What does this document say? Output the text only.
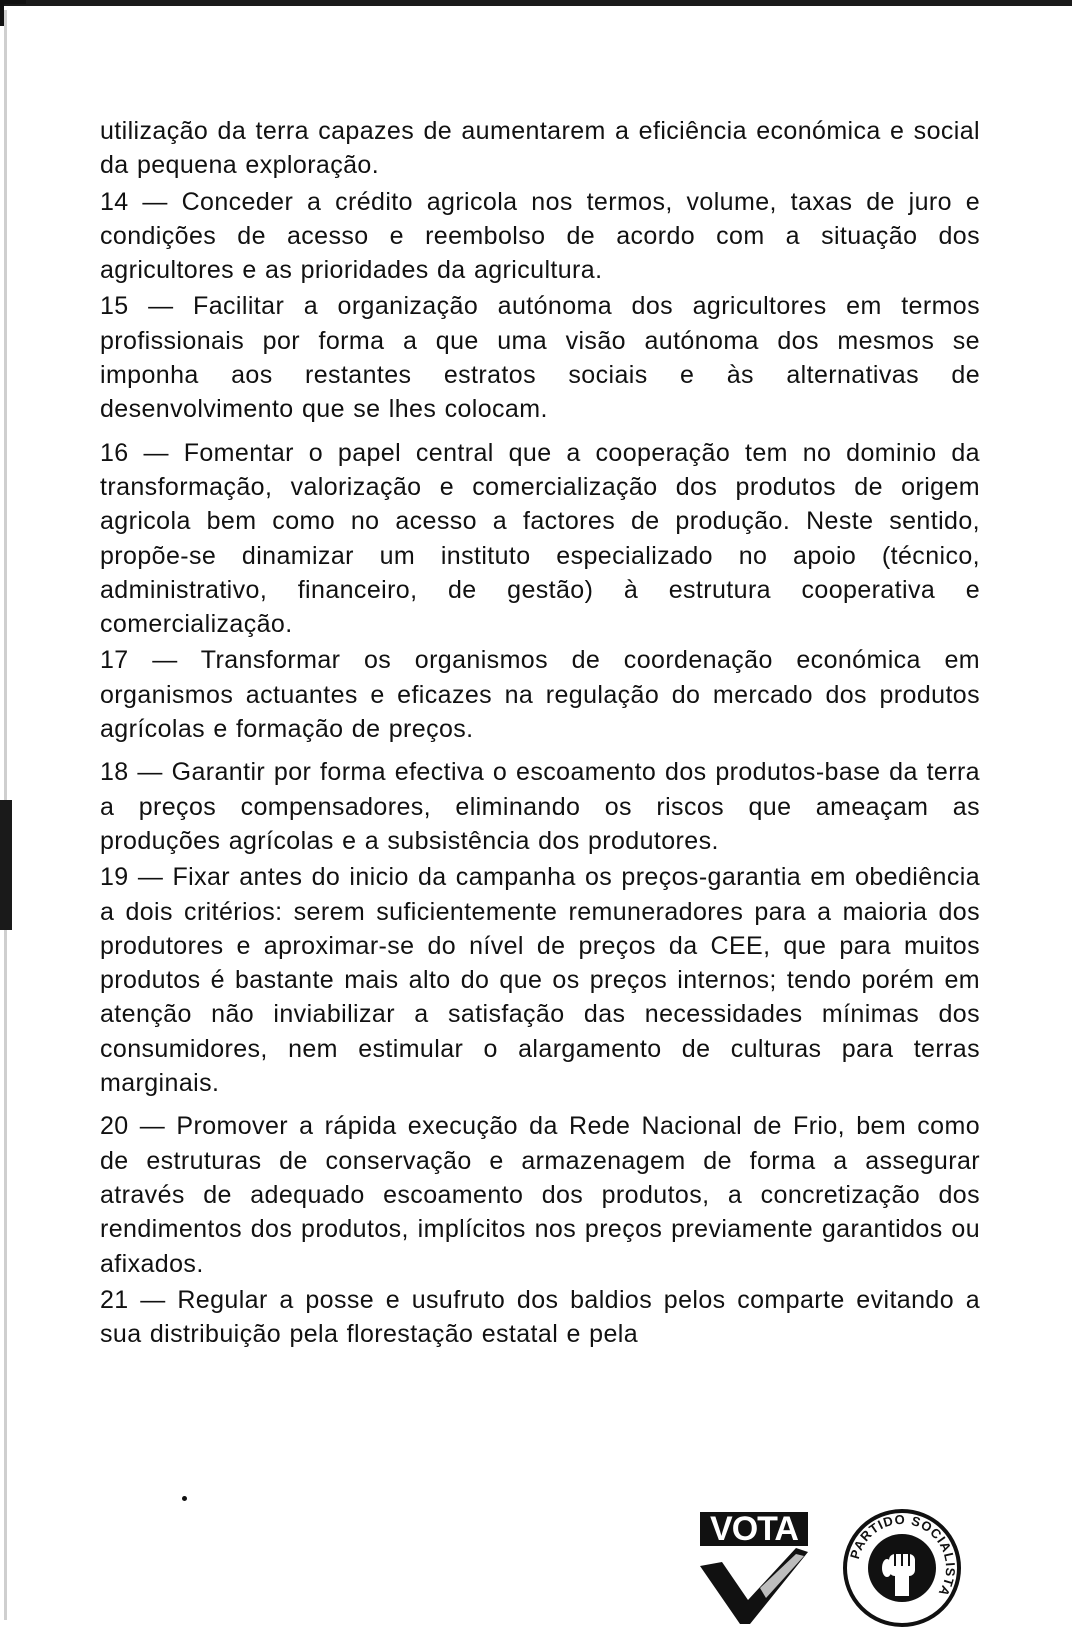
utilização da terra capazes de aumentarem a eficiência económica e social da pequena exploração.

14 — Conceder a crédito agricola nos termos, volume, taxas de juro e condições de acesso e reembolso de acordo com a situação dos agricultores e as prioridades da agricultura.

15 — Facilitar a organização autónoma dos agricultores em termos profissionais por forma a que uma visão autónoma dos mesmos se imponha aos restantes estratos sociais e às alternativas de desenvolvimento que se lhes colocam.

16 — Fomentar o papel central que a cooperação tem no dominio da transformação, valorização e comercialização dos produtos de origem agricola bem como no acesso a factores de produção. Neste sentido, propõe-se dinamizar um instituto especializado no apoio (técnico, administrativo, financeiro, de gestão) à estrutura cooperativa e comercialização.

17 — Transformar os organismos de coordenação económica em organismos actuantes e eficazes na regulação do mercado dos produtos agrícolas e formação de preços.

18 — Garantir por forma efectiva o escoamento dos produtos-base da terra a preços compensadores, eliminando os riscos que ameaçam as produções agrícolas e a subsistência dos produtores.

19 — Fixar antes do inicio da campanha os preços-garantia em obediência a dois critérios: serem suficientemente remuneradores para a maioria dos produtores e aproximar-se do nível de preços da CEE, que para muitos produtos é bastante mais alto do que os preços internos; tendo porém em atenção não inviabilizar a satisfação das necessidades mínimas dos consumidores, nem estimular o alargamento de culturas para terras marginais.

20 — Promover a rápida execução da Rede Nacional de Frio, bem como de estruturas de conservação e armazenagem de forma a assegurar através de adequado escoamento dos produtos, a concretização dos rendimentos dos produtos, implícitos nos preços previamente garantidos ou afixados.

21 — Regular a posse e usufruto dos baldios pelos comparte evitando a sua distribuição pela florestação estatal e pela

VOTA
PARTIDO SOCIALISTA
